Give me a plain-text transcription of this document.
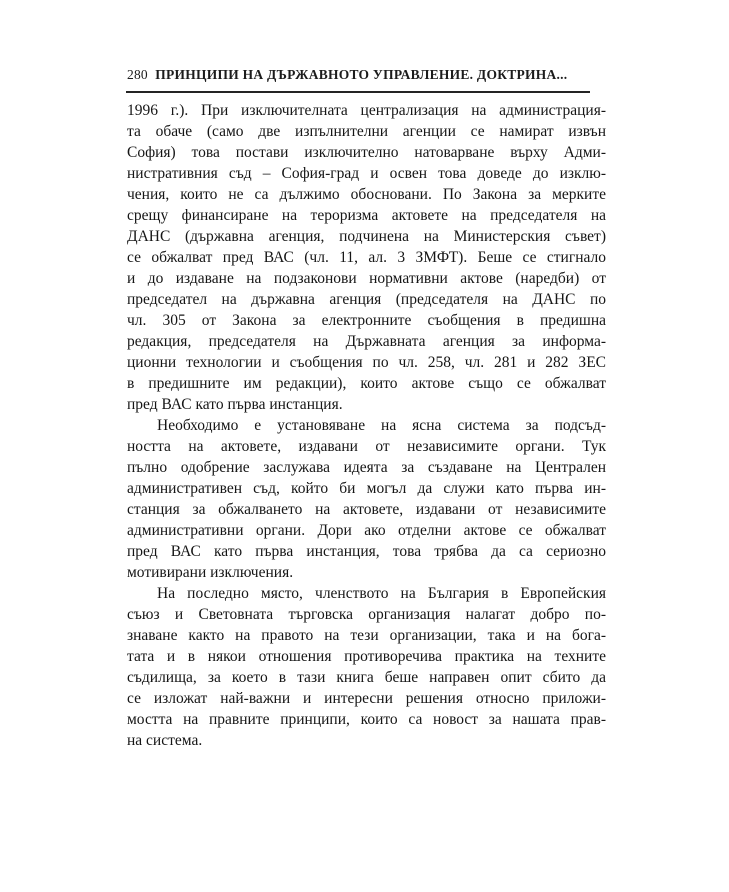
280 ПРИНЦИПИ НА ДЪРЖАВНОТО УПРАВЛЕНИЕ. ДОКТРИНА...
1996 г.). При изключителната централизация на администрация-
та обаче (само две изпълнителни агенции се намират извън
София) това постави изключително натоварване върху Адми-
нистративния съд – София-град и освен това доведе до изклю-
чения, които не са дължимо обосновани. По Закона за мерките
срещу финансиране на тероризма актовете на председателя на
ДАНС (държавна агенция, подчинена на Министерския съвет)
се обжалват пред ВАС (чл. 11, ал. 3 ЗМФТ). Беше се стигнало
и до издаване на подзаконови нормативни актове (наредби) от
председател на държавна агенция (председателя на ДАНС по
чл. 305 от Закона за електронните съобщения в предишна
редакция, председателя на Държавната агенция за информа-
ционни технологии и съобщения по чл. 258, чл. 281 и 282 ЗЕС
в предишните им редакции), които актове също се обжалват
пред ВАС като първа инстанция.
Необходимо е установяване на ясна система за подсъд-
ността на актовете, издавани от независимите органи. Тук
пълно одобрение заслужава идеята за създаване на Централен
административен съд, който би могъл да служи като първа ин-
станция за обжалването на актовете, издавани от независимите
административни органи. Дори ако отделни актове се обжалват
пред ВАС като първа инстанция, това трябва да са сериозно
мотивирани изключения.
На последно място, членството на България в Европейския
съюз и Световната търговска организация налагат добро по-
знаване както на правото на тези организации, така и на бога-
тата и в някои отношения противоречива практика на техните
съдилища, за което в тази книга беше направен опит сбито да
се изложат най-важни и интересни решения относно приложи-
мостта на правните принципи, които са новост за нашата прав-
на система.
